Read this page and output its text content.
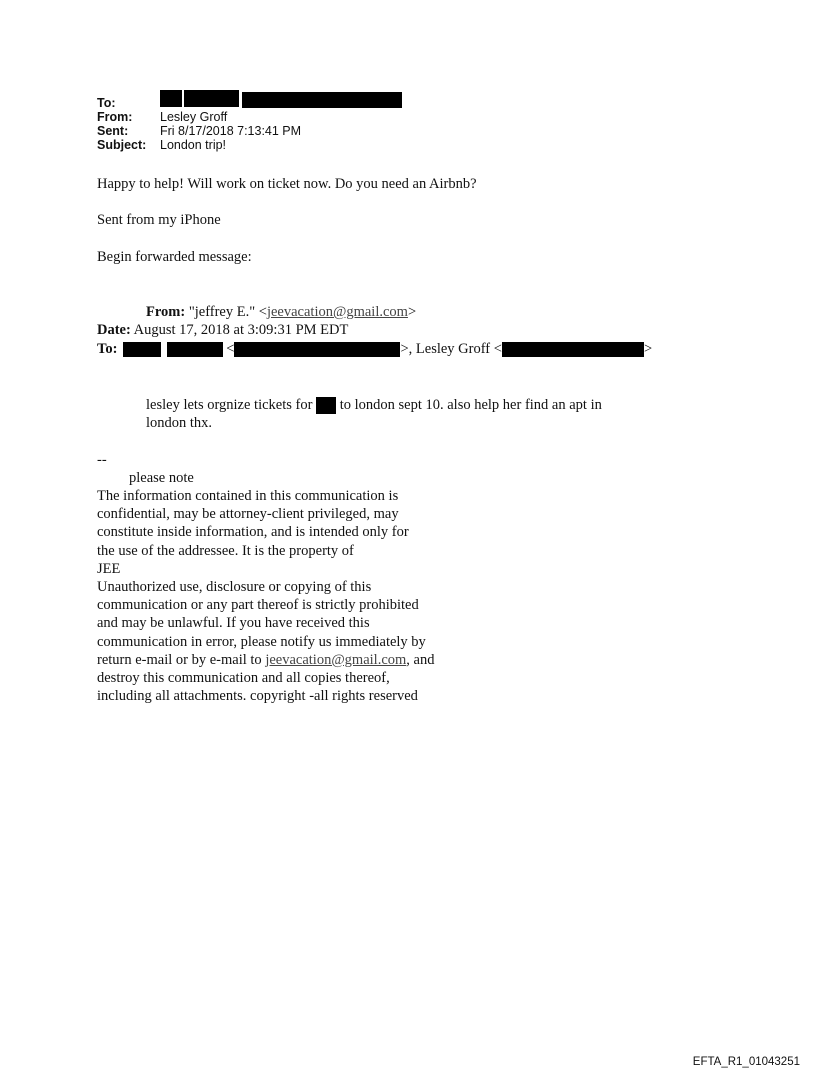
To:
From:	Lesley Groff
Sent:	Fri 8/17/2018 7:13:41 PM
Subject:	London trip!
Happy to help! Will work on ticket now. Do you need an Airbnb?
Sent from my iPhone
Begin forwarded message:
From: "jeffrey E." <jeevacation@gmail.com>
Date: August 17, 2018 at 3:09:31 PM EDT
To:	<	>, Lesley Groff <	>
lesley lets orgnize tickets for to london sept 10. also help her find an apt in
london thx.
--
please note
The information contained in this communication is
confidential, may be attorney-client privileged, may
constitute inside information, and is intended only for
the use of the addressee. It is the property of
JEE
Unauthorized use, disclosure or copying of this
communication or any part thereof is strictly prohibited
and may be unlawful. If you have received this
communication in error, please notify us immediately by
return e-mail or by e-mail to jeevacation@gmail.com, and
destroy this communication and all copies thereof,
including all attachments. copyright -all rights reserved
EFTA_R1_01043251
